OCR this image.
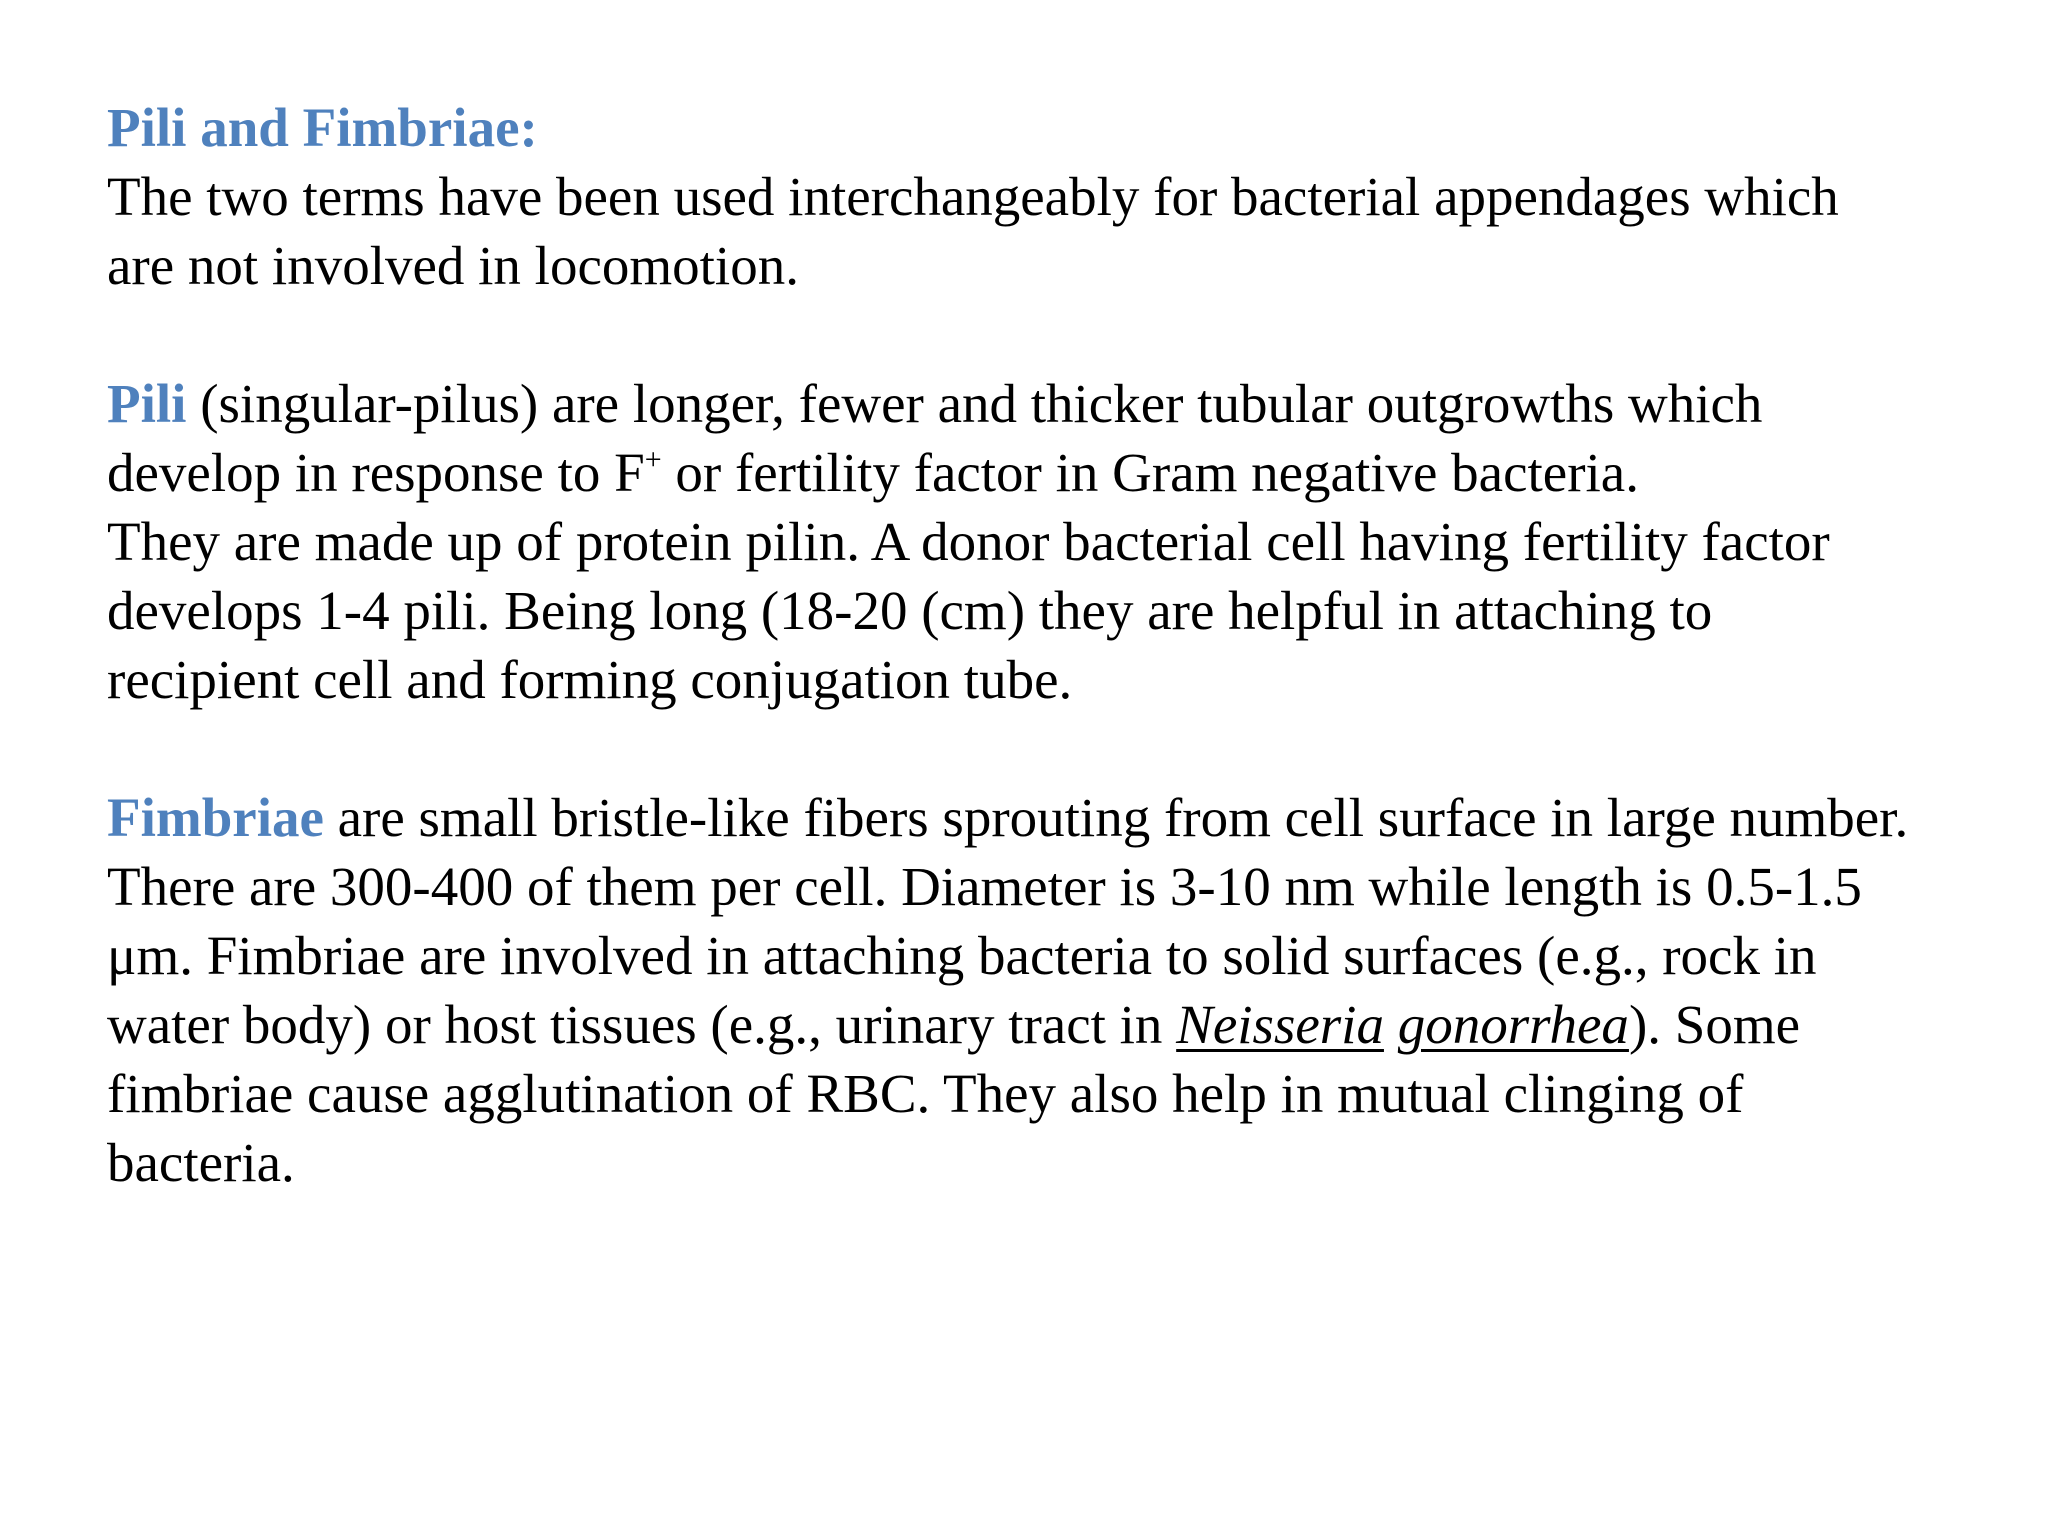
Pili and Fimbriae:
The two terms have been used interchangeably for bacterial appendages which
are not involved in locomotion.
Pili (singular-pilus) are longer, fewer and thicker tubular outgrowths which
develop in response to F+ or fertility factor in Gram negative bacteria.
They are made up of protein pilin. A donor bacterial cell having fertility factor
develops 1-4 pili. Being long (18-20 (cm) they are helpful in attaching to
recipient cell and forming conjugation tube.
Fimbriae are small bristle-like fibers sprouting from cell surface in large number.
There are 300-400 of them per cell. Diameter is 3-10 nm while length is 0.5-1.5
μm. Fimbriae are involved in attaching bacteria to solid surfaces (e.g., rock in
water body) or host tissues (e.g., urinary tract in Neisseria gonorrhea). Some
fimbriae cause agglutination of RBC. They also help in mutual clinging of
bacteria.
